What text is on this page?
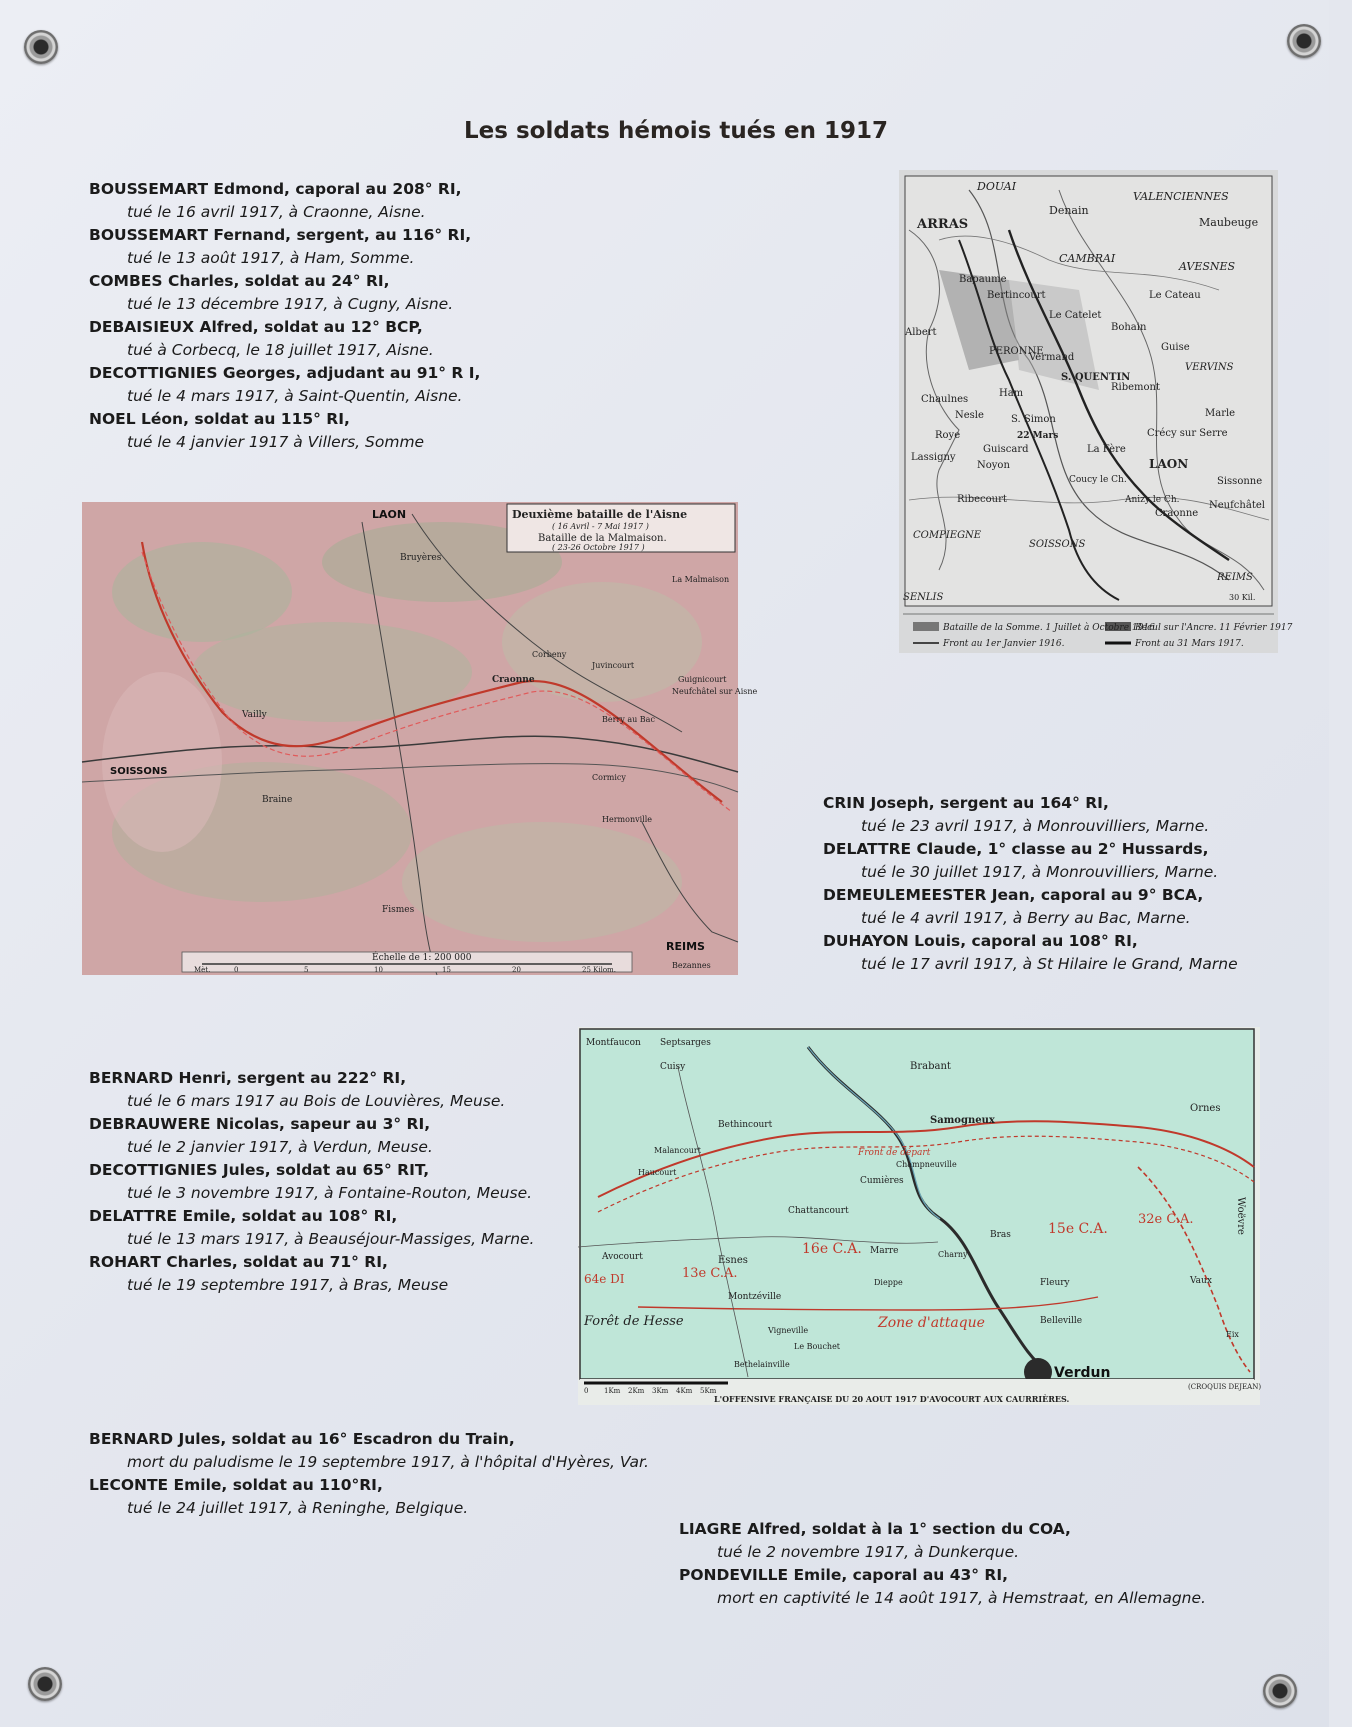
Les soldats hémois tués en 1917
BOUSSEMART Edmond, caporal au 208° RI,
tué le 16 avril 1917, à Craonne, Aisne.
BOUSSEMART Fernand, sergent, au 116° RI,
tué le 13 août 1917, à Ham, Somme.
COMBES Charles, soldat au 24° RI,
tué le 13 décembre 1917, à Cugny, Aisne.
DEBAISIEUX Alfred, soldat au 12° BCP,
tué à Corbecq, le 18 juillet 1917, Aisne.
DECOTTIGNIES Georges, adjudant au 91° R I,
tué le 4 mars 1917, à Saint-Quentin, Aisne.
NOEL Léon, soldat au 115° RI,
tué le 4 janvier 1917 à Villers, Somme
CRIN Joseph, sergent au 164° RI,
tué le 23 avril 1917, à Monrouvilliers, Marne.
DELATTRE Claude, 1° classe au 2° Hussards,
tué le 30 juillet 1917, à Monrouvilliers, Marne.
DEMEULEMEESTER Jean, caporal au 9° BCA,
tué le 4 avril 1917, à Berry au Bac, Marne.
DUHAYON Louis, caporal au 108° RI,
tué le 17 avril 1917, à St Hilaire le Grand, Marne
BERNARD Henri, sergent au 222° RI,
tué le 6 mars 1917 au Bois de Louvières, Meuse.
DEBRAUWERE Nicolas, sapeur au 3° RI,
tué le 2 janvier 1917, à Verdun, Meuse.
DECOTTIGNIES Jules, soldat au 65° RIT,
tué le 3 novembre 1917, à Fontaine-Routon, Meuse.
DELATTRE Emile, soldat au 108° RI,
tué le 13 mars 1917, à Beauséjour-Massiges, Marne.
ROHART Charles, soldat au 71° RI,
tué le 19 septembre 1917, à Bras, Meuse
BERNARD Jules, soldat au 16° Escadron du Train,
mort du paludisme le 19 septembre 1917, à l'hôpital d'Hyères, Var.
LECONTE Emile, soldat au 110°RI,
tué le 24 juillet 1917, à Reninghe, Belgique.
LIAGRE Alfred, soldat à la 1° section du COA,
tué le 2 novembre 1917, à Dunkerque.
PONDEVILLE Emile, caporal au 43° RI,
mort en captivité le 14 août 1917, à Hemstraat, en Allemagne.
DOUAI
Denain
VALENCIENNES
Maubeuge
ARRAS
CAMBRAI
AVESNES
Bapaume
Bertincourt	Le Cateau
Le Catelet
Bohain
Albert
PERONNE	Guise
VERVINS
Vermand
S. QUENTIN
Ribemont
Chaulnes
Ham
Nesle	S. Simon
Marle
Roye	Crécy sur Serre
Lassigny
Guiscard	La Fère
Noyon	LAON
Coucy le Ch.	Sissonne
Ribecourt	Anizy le Ch.
Craonne
Neufchâtel
COMPIEGNE
SOISSONS
REIMS
SENLIS
22 Mars
Bataille de la Somme. 1 Juillet à Octobre 1916
Recul sur l'Ancre. 11 Février 1917
Front au 1er Janvier 1916.	Front au 31 Mars 1917.
30 Kil.
Deuxième bataille de l'Aisne
( 16 Avril - 7 Mai 1917 )
Bataille de la Malmaison.
( 23-26 Octobre 1917 )
LAON
Bruyères
Craonne
SOISSONS
Vailly
Braine
Fismes
Berry au Bac
Neufchâtel sur Aisne
Juvincourt
La Malmaison
Corbeny
Cormicy
Hermonville
Guignicourt
REIMS
Bezannes
Échelle de 1: 200 000
Mèt.	0	5	10	15	20	25 Kilom.
Montfaucon Septsarges
Cuisy	Brabant
Bethincourt
Malancourt
Haucourt
Samogneux
Cumières
Champneuville
Chattancourt
Esnes
Marre	Charny
Bras
Montzéville
Fleury	Vaux
Dieppe
Avocourt
Forêt de Hesse
Vigneville
Le Bouchet
Bethelainville
Belleville
Verdun
Ornes
Woëvre
Eix
13e C.A.
16e C.A.
15e C.A.
32e C.A.
64e DI
Zone d'attaque
Front de départ
0 1Km 2Km 3Km 4Km 5Km
L'OFFENSIVE FRANÇAISE DU 20 AOUT 1917 D'AVOCOURT AUX CAURRIÈRES.
(CROQUIS DEJEAN)
